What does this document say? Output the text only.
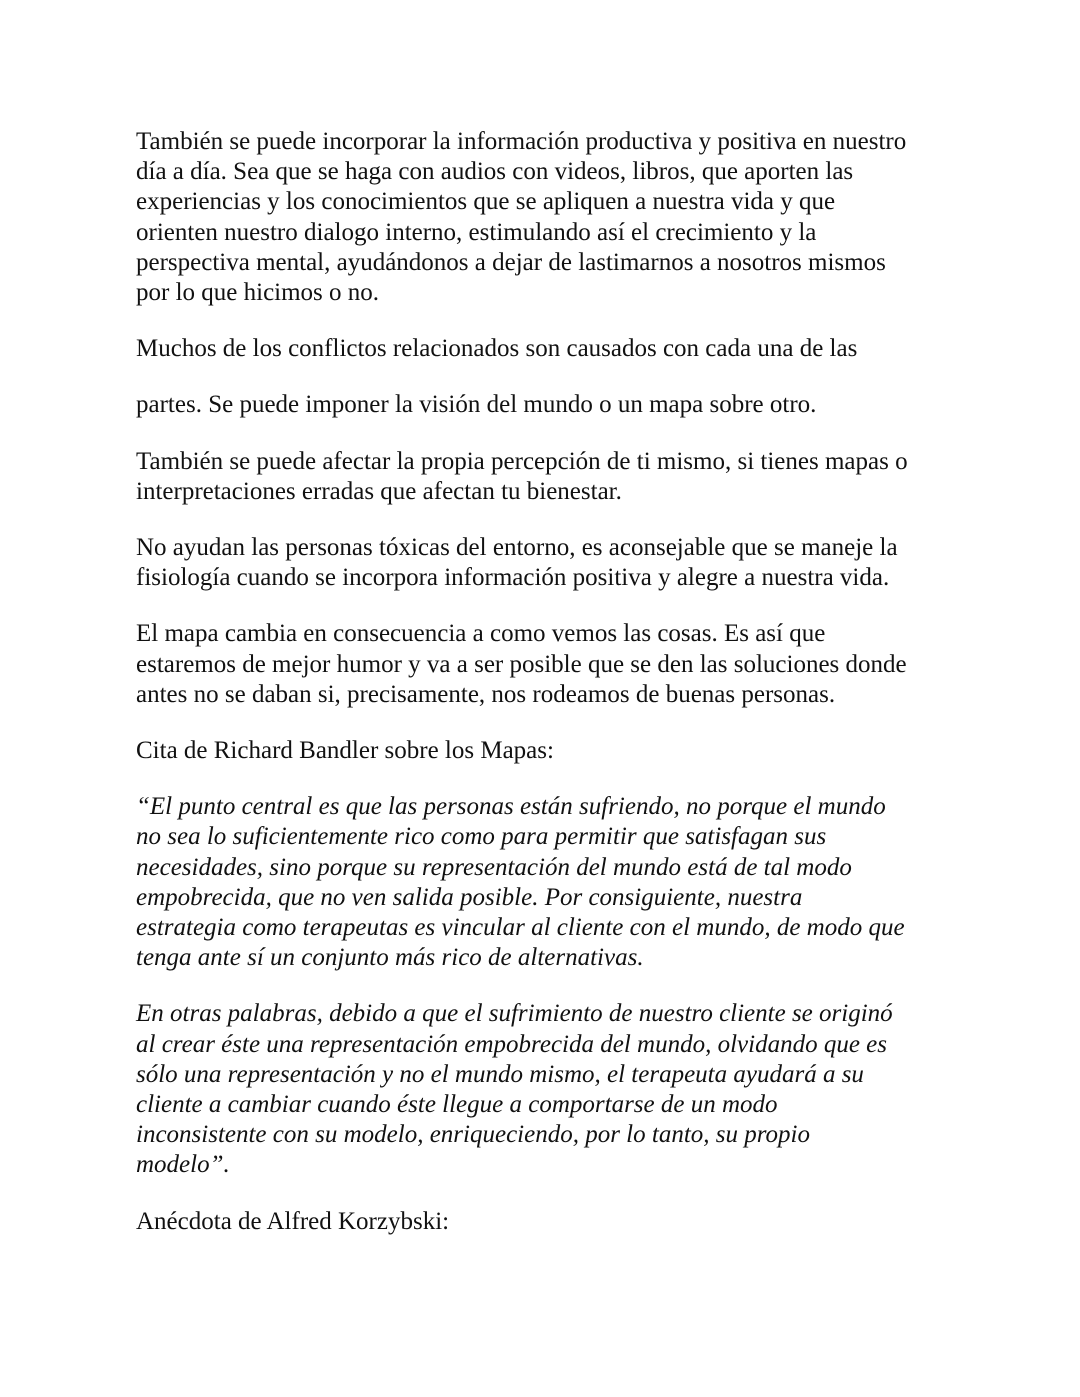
También se puede incorporar la información productiva y positiva en nuestro
día a día. Sea que se haga con audios con videos, libros, que aporten las
experiencias y los conocimientos que se apliquen a nuestra vida y que
orienten nuestro dialogo interno, estimulando así el crecimiento y la
perspectiva mental, ayudándonos a dejar de lastimarnos a nosotros mismos
por lo que hicimos o no.

Muchos de los conflictos relacionados son causados con cada una de las

partes. Se puede imponer la visión del mundo o un mapa sobre otro.

También se puede afectar la propia percepción de ti mismo, si tienes mapas o
interpretaciones erradas que afectan tu bienestar.

No ayudan las personas tóxicas del entorno, es aconsejable que se maneje la
fisiología cuando se incorpora información positiva y alegre a nuestra vida.

El mapa cambia en consecuencia a como vemos las cosas. Es así que
estaremos de mejor humor y va a ser posible que se den las soluciones donde
antes no se daban si, precisamente, nos rodeamos de buenas personas.

Cita de Richard Bandler sobre los Mapas:

“El punto central es que las personas están sufriendo, no porque el mundo
no sea lo suficientemente rico como para permitir que satisfagan sus
necesidades, sino porque su representación del mundo está de tal modo
empobrecida, que no ven salida posible. Por consiguiente, nuestra
estrategia como terapeutas es vincular al cliente con el mundo, de modo que
tenga ante sí un conjunto más rico de alternativas.

En otras palabras, debido a que el sufrimiento de nuestro cliente se originó
al crear éste una representación empobrecida del mundo, olvidando que es
sólo una representación y no el mundo mismo, el terapeuta ayudará a su
cliente a cambiar cuando éste llegue a comportarse de un modo
inconsistente con su modelo, enriqueciendo, por lo tanto, su propio
modelo”.

Anécdota de Alfred Korzybski:
